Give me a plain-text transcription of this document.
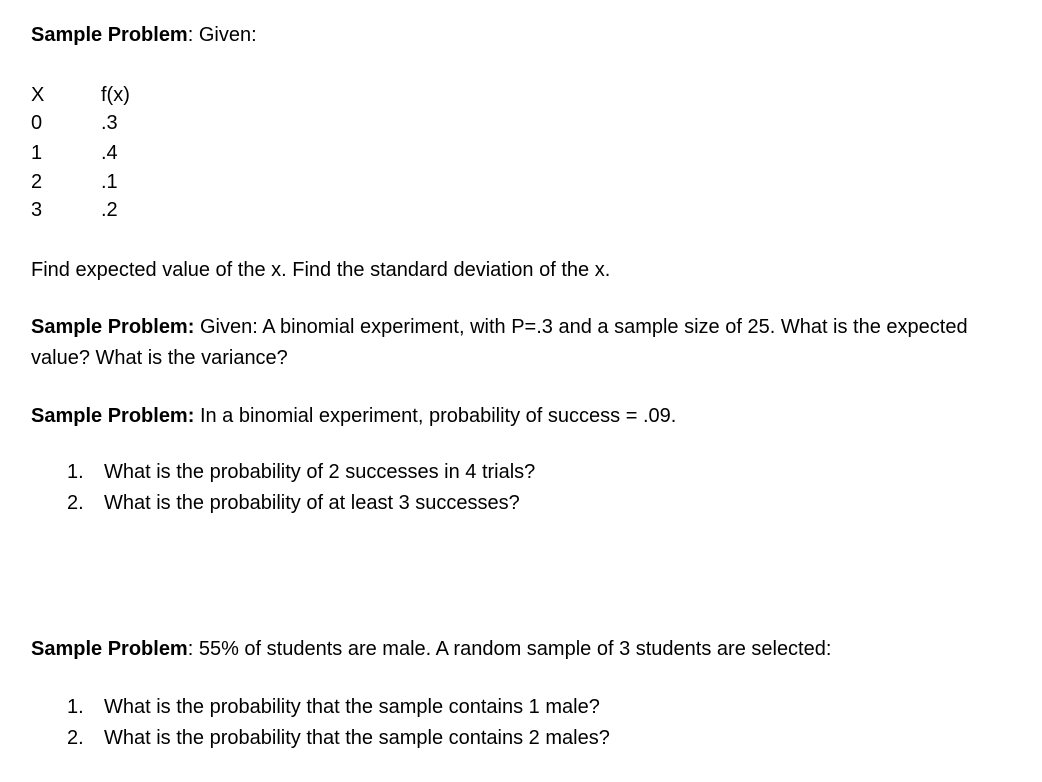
Sample Problem: Given:
X	f(x)
0	.3
1	.4
2	.1
3	.2
Find expected value of the x. Find the standard deviation of the x.
Sample Problem: Given: A binomial experiment, with P=.3 and a sample size of 25. What is the expected value? What is the variance?
Sample Problem: In a binomial experiment, probability of success = .09.
1. What is the probability of 2 successes in 4 trials?
2. What is the probability of at least 3 successes?
Sample Problem: 55% of students are male. A random sample of 3 students are selected:
1. What is the probability that the sample contains 1 male?
2. What is the probability that the sample contains 2 males?
